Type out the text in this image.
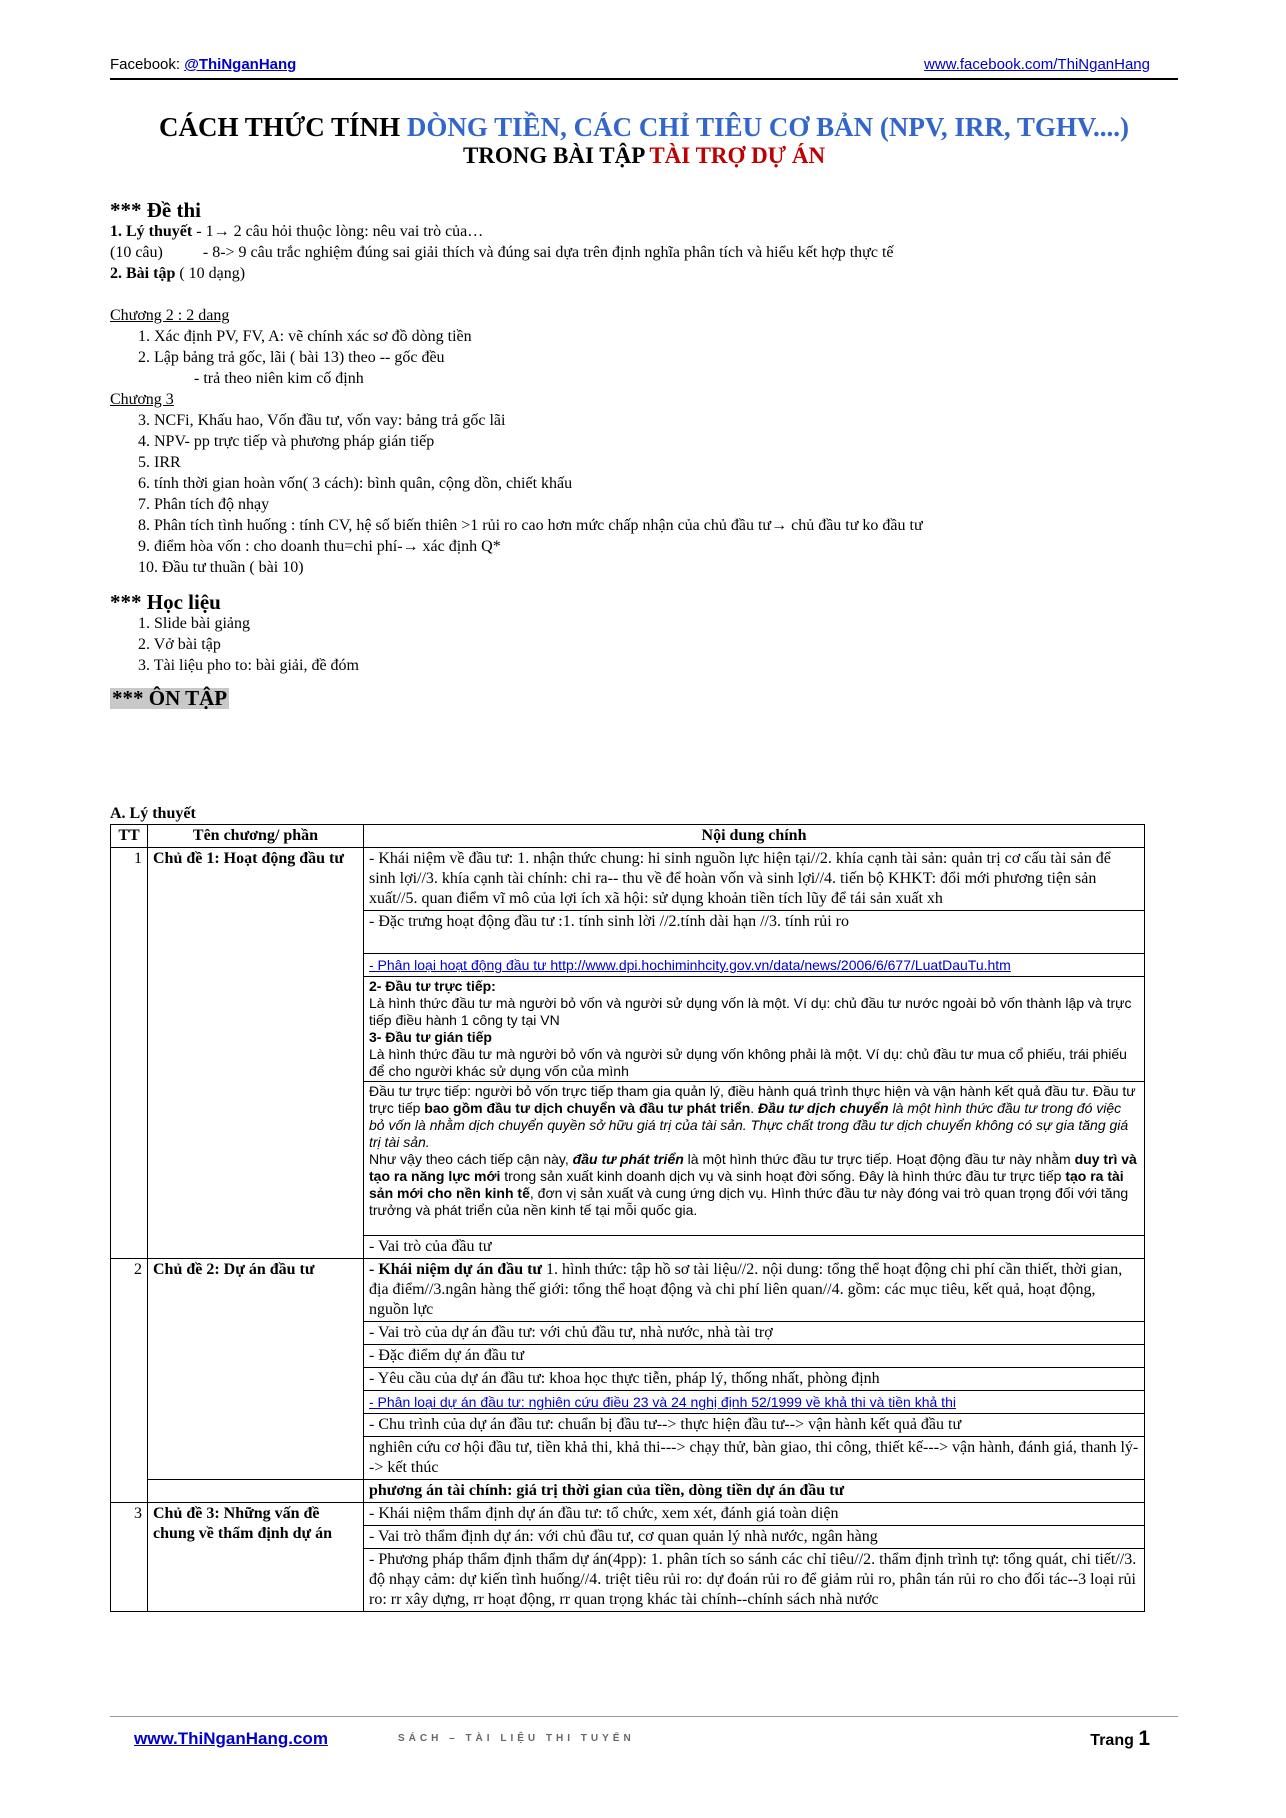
Facebook: @ThiNganHang	www.facebook.com/ThiNganHang
CÁCH THỨC TÍNH DÒNG TIỀN, CÁC CHỈ TIÊU CƠ BẢN (NPV, IRR, TGHV....)
TRONG BÀI TẬP TÀI TRỢ DỰ ÁN

*** Đề thi

1. Lý thuyết - 1→ 2 câu hỏi thuộc lòng: nêu vai trò của…

(10 câu)	- 8-> 9 câu trắc nghiệm đúng sai giải thích và đúng sai dựa trên định nghĩa phân tích và hiểu kết hợp thực tế

2. Bài tập ( 10 dạng)

Chương 2 : 2 dang

1. Xác định PV, FV, A: vẽ chính xác sơ đồ dòng tiền
2. Lập bảng trả gốc, lãi ( bài 13) theo -- gốc đều
- trả theo niên kim cố định

Chương 3

3. NCFi, Khấu hao, Vốn đầu tư, vốn vay: bảng trả gốc lãi
4. NPV- pp trực tiếp và phương pháp gián tiếp
5. IRR
6. tính thời gian hoàn vốn( 3 cách): bình quân, cộng dồn, chiết khấu
7. Phân tích độ nhạy
8. Phân tích tình huống : tính CV, hệ số biến thiên >1 rủi ro cao hơn mức chấp nhận của chủ đầu tư→ chủ đầu tư ko đầu tư
9. điểm hòa vốn : cho doanh thu=chi phí-→ xác định Q*
10. Đầu tư thuần ( bài 10)

*** Học liệu

1. Slide bài giảng
2. Vở bài tập
3. Tài liệu pho to: bài giải, đề đóm
*** ÔN TẬP
A. Lý thuyết
TT	Tên chương/ phần	Nội dung chính
1	Chủ đề 1: Hoạt động đầu tư	- Khái niệm về đầu tư: 1. nhận thức chung: hi sinh nguồn lực hiện tại//2. khía cạnh tài sản: quản trị cơ cấu tài sản để sinh lợi//3. khía cạnh tài chính: chi ra-- thu về để hoàn vốn và sinh lợi//4. tiến bộ KHKT: đổi mới phương tiện sản xuất//5. quan điểm vĩ mô của lợi ích xã hội: sử dụng khoản tiền tích lũy để tái sản xuất xh
		- Đặc trưng hoạt động đầu tư :1. tính sinh lời //2.tính dài hạn //3. tính rủi ro

		- Phân loại hoạt động đầu tư http://www.dpi.hochiminhcity.gov.vn/data/news/2006/6/677/LuatDauTu.htm

		2- Đầu tư trực tiếp:
Là hình thức đầu tư mà người bỏ vốn và người sử dụng vốn là một. Ví dụ: chủ đầu tư nước ngoài bỏ vốn thành lập và trực tiếp điều hành 1 công ty tại VN
3- Đầu tư gián tiếp
Là hình thức đầu tư mà người bỏ vốn và người sử dụng vốn không phải là một. Ví dụ: chủ đầu tư mua cổ phiếu, trái phiếu để cho người khác sử dụng vốn của mình

		Đầu tư trực tiếp: người bỏ vốn trực tiếp tham gia quản lý, điều hành quá trình thực hiện và vận hành kết quả đầu tư. Đầu tư trực tiếp bao gồm đầu tư dịch chuyển và đầu tư phát triển. Đầu tư dịch chuyển là một hình thức đầu tư trong đó việc bỏ vốn là nhằm dịch chuyển quyền sở hữu giá trị của tài sản. Thực chất trong đầu tư dịch chuyển không có sự gia tăng giá trị tài sản.
Như vậy theo cách tiếp cận này, đầu tư phát triển là một hình thức đầu tư trực tiếp. Hoạt động đầu tư này nhằm duy trì và tạo ra năng lực mới trong sản xuất kinh doanh dịch vụ và sinh hoạt đời sống. Đây là hình thức đầu tư trực tiếp tạo ra tài sản mới cho nền kinh tế, đơn vị sản xuất và cung ứng dịch vụ. Hình thức đầu tư này đóng vai trò quan trọng đối với tăng trưởng và phát triển của nền kinh tế tại mỗi quốc gia.
		- Vai trò của đầu tư
2	Chủ đề 2: Dự án đầu tư	- Khái niệm dự án đầu tư 1. hình thức: tập hồ sơ tài liệu//2. nội dung: tổng thể hoạt động chi phí cần thiết, thời gian, địa điểm//3.ngân hàng thế giới: tổng thể hoạt động và chi phí liên quan//4. gồm: các mục tiêu, kết quả, hoạt động, nguồn lực
		- Vai trò của dự án đầu tư: với chủ đầu tư, nhà nước, nhà tài trợ
		- Đặc điểm dự án đầu tư
		- Yêu cầu của dự án đầu tư: khoa học thực tiễn, pháp lý, thống nhất, phòng định

		- Phân loại dự án đầu tư: nghiên cứu điều 23 và 24 nghị định 52/1999 về khả thi và tiền khả thi

		- Chu trình của dự án đầu tư: chuẩn bị đầu tư--> thực hiện đầu tư--> vận hành kết quả đầu tư
		nghiên cứu cơ hội đầu tư, tiền khả thi, khả thi---> chạy thử, bàn giao, thi công, thiết kế---> vận hành, đánh giá, thanh lý--> kết thúc
		phương án tài chính: giá trị thời gian của tiền, dòng tiền dự án đầu tư
3	Chủ đề 3: Những vấn đề chung về thẩm định dự án	- Khái niệm thẩm định dự án đầu tư: tổ chức, xem xét, đánh giá toàn diện
		- Vai trò thẩm định dự án: với chủ đầu tư, cơ quan quản lý nhà nước, ngân hàng
		- Phương pháp thẩm định thẩm dự án(4pp): 1. phân tích so sánh các chỉ tiêu//2. thẩm định trình tự: tổng quát, chi tiết//3. độ nhạy cảm: dự kiến tình huống//4. triệt tiêu rủi ro: dự đoán rủi ro để giảm rủi ro, phân tán rủi ro cho đối tác--3 loại rủi ro: rr xây dựng, rr hoạt động, rr quan trọng khác tài chính--chính sách nhà nước
www.ThiNganHang.com	SÁCH – TÀI LIỆU THI TUYỂN	Trang 1
